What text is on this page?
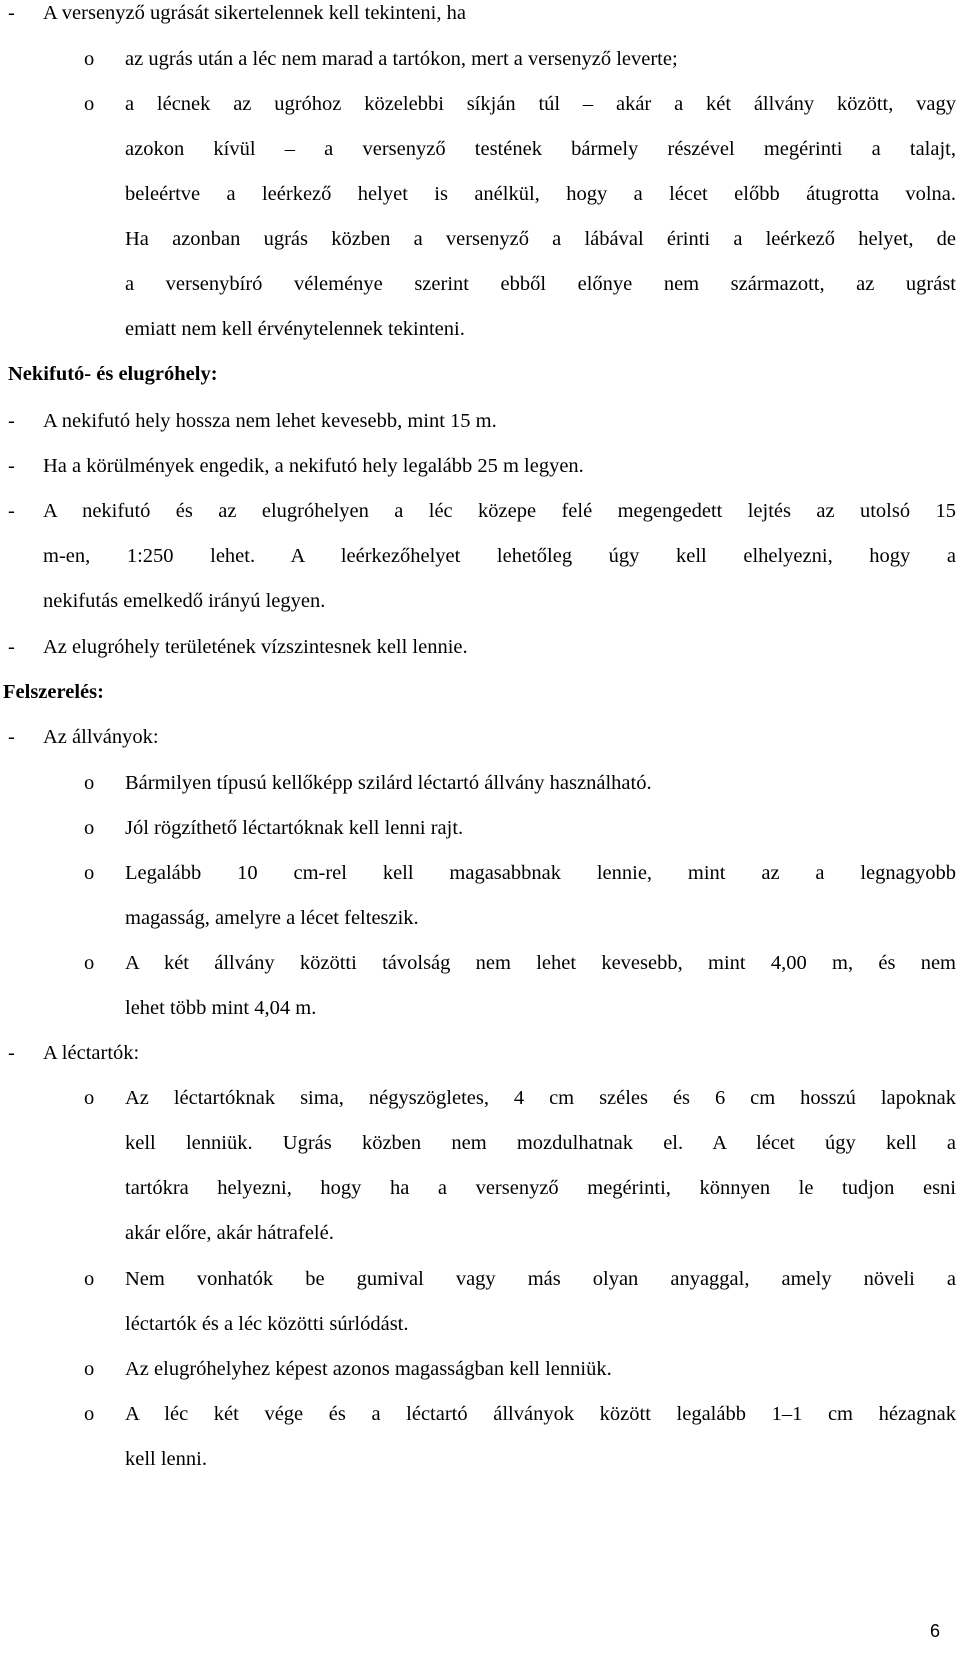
- A versenyző ugrását sikertelennek kell tekinteni, ha
o az ugrás után a léc nem marad a tartókon, mert a versenyző leverte;
o a lécnek az ugróhoz közelebbi síkján túl – akár a két állvány között, vagy
azokon kívül – a versenyző testének bármely részével megérinti a talajt,
beleértve a leérkező helyet is anélkül, hogy a lécet előbb átugrotta volna.
Ha azonban ugrás közben a versenyző a lábával érinti a leérkező helyet, de
a versenybíró véleménye szerint ebből előnye nem származott, az ugrást
emiatt nem kell érvénytelennek tekinteni.
Nekifutó- és elugróhely:
- A nekifutó hely hossza nem lehet kevesebb, mint 15 m.
- Ha a körülmények engedik, a nekifutó hely legalább 25 m legyen.
- A nekifutó és az elugróhelyen a léc közepe felé megengedett lejtés az utolsó 15
m-en, 1:250 lehet. A leérkezőhelyet lehetőleg úgy kell elhelyezni, hogy a
nekifutás emelkedő irányú legyen.
- Az elugróhely területének vízszintesnek kell lennie.
Felszerelés:
- Az állványok:
o Bármilyen típusú kellőképp szilárd léctartó állvány használható.
o Jól rögzíthető léctartóknak kell lenni rajt.
o Legalább 10 cm-rel kell magasabbnak lennie, mint az a legnagyobb
magasság, amelyre a lécet felteszik.
o A két állvány közötti távolság nem lehet kevesebb, mint 4,00 m, és nem
lehet több mint 4,04 m.
- A léctartók:
o Az léctartóknak sima, négyszögletes, 4 cm széles és 6 cm hosszú lapoknak
kell lenniük. Ugrás közben nem mozdulhatnak el. A lécet úgy kell a
tartókra helyezni, hogy ha a versenyző megérinti, könnyen le tudjon esni
akár előre, akár hátrafelé.
o Nem vonhatók be gumival vagy más olyan anyaggal, amely növeli a
léctartók és a léc közötti súrlódást.
o Az elugróhelyhez képest azonos magasságban kell lenniük.
o A léc két vége és a léctartó állványok között legalább 1–1 cm hézagnak
kell lenni.
6
